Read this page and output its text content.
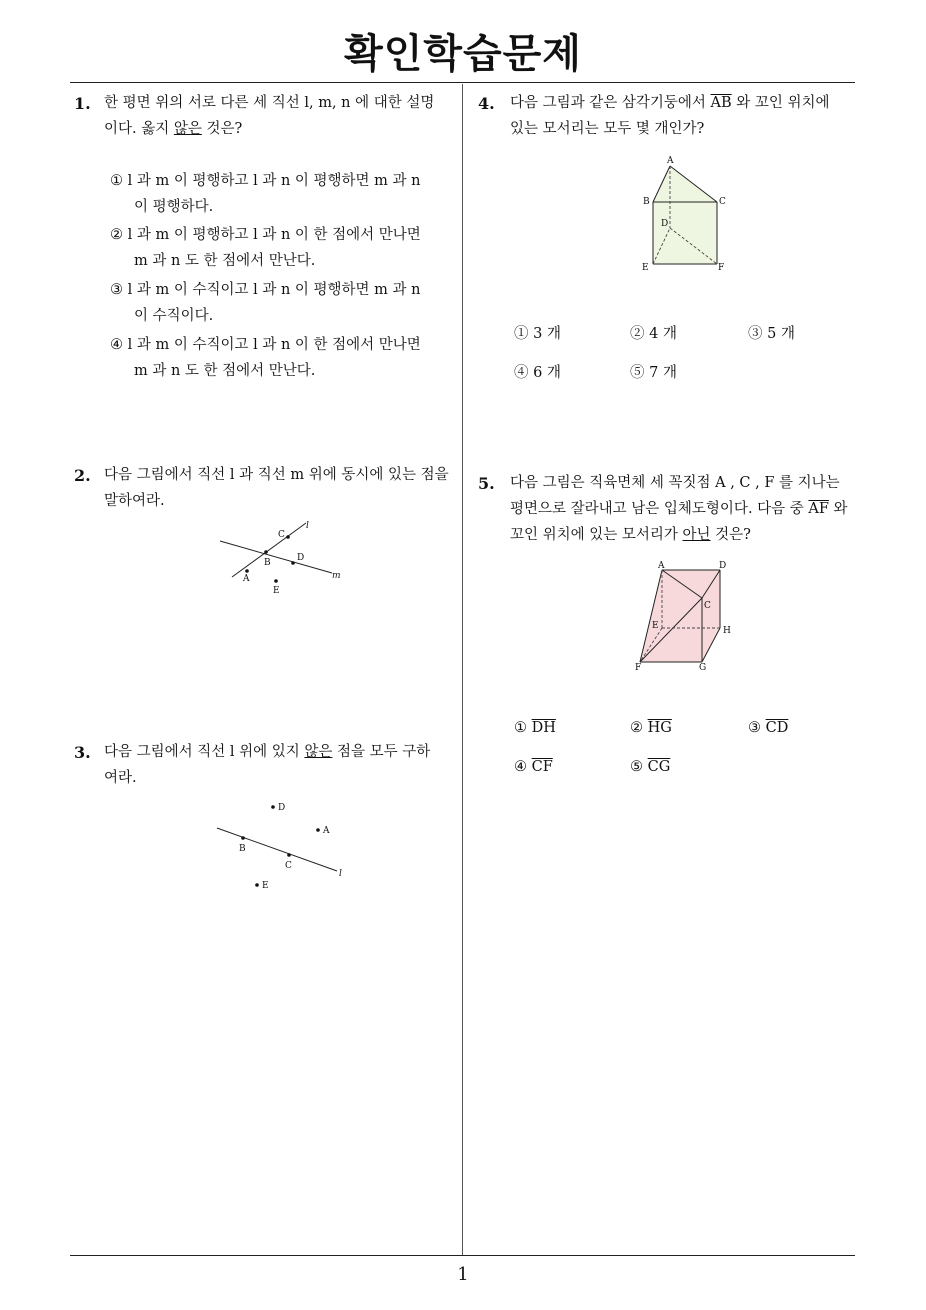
확인학습문제
1
1. 한 평면 위의 서로 다른 세 직선 l, m, n 에 대한 설명
이다. 옳지 않은 것은?
① l 과 m 이 평행하고 l 과 n 이 평행하면 m 과 n
이 평행하다.
② l 과 m 이 평행하고 l 과 n 이 한 점에서 만나면
m 과 n 도 한 점에서 만난다.
③ l 과 m 이 수직이고 l 과 n 이 평행하면 m 과 n
이 수직이다.
④ l 과 m 이 수직이고 l 과 n 이 한 점에서 만나면
m 과 n 도 한 점에서 만난다.
2. 다음 그림에서 직선 l 과 직선 m 위에 동시에 있는 점을
말하여라.
l
m
A
B
C
D
E
3. 다음 그림에서 직선 l 위에 있지 않은 점을 모두 구하
여라.
D
A
B
C
E
l
4. 다음 그림과 같은 삼각기둥에서 $\overline{AB}$ 와 꼬인 위치에
있는 모서리는 모두 몇 개인가?
A
B	C
D
E	F
① 3 개	② 4 개	③ 5 개
④ 6 개	⑤ 7 개
5. 다음 그림은 직육면체 세 꼭짓점 A , C , F 를 지나는
평면으로 잘라내고 남은 입체도형이다. 다음 중 $\overline{AF}$ 와
꼬인 위치에 있는 모서리가 아닌 것은?
A	D
C
E	H
F	G
① $\overline{DH}$	② $\overline{HG}$	③ $\overline{CD}$
④ $\overline{CF}$	⑤ $\overline{CG}$
